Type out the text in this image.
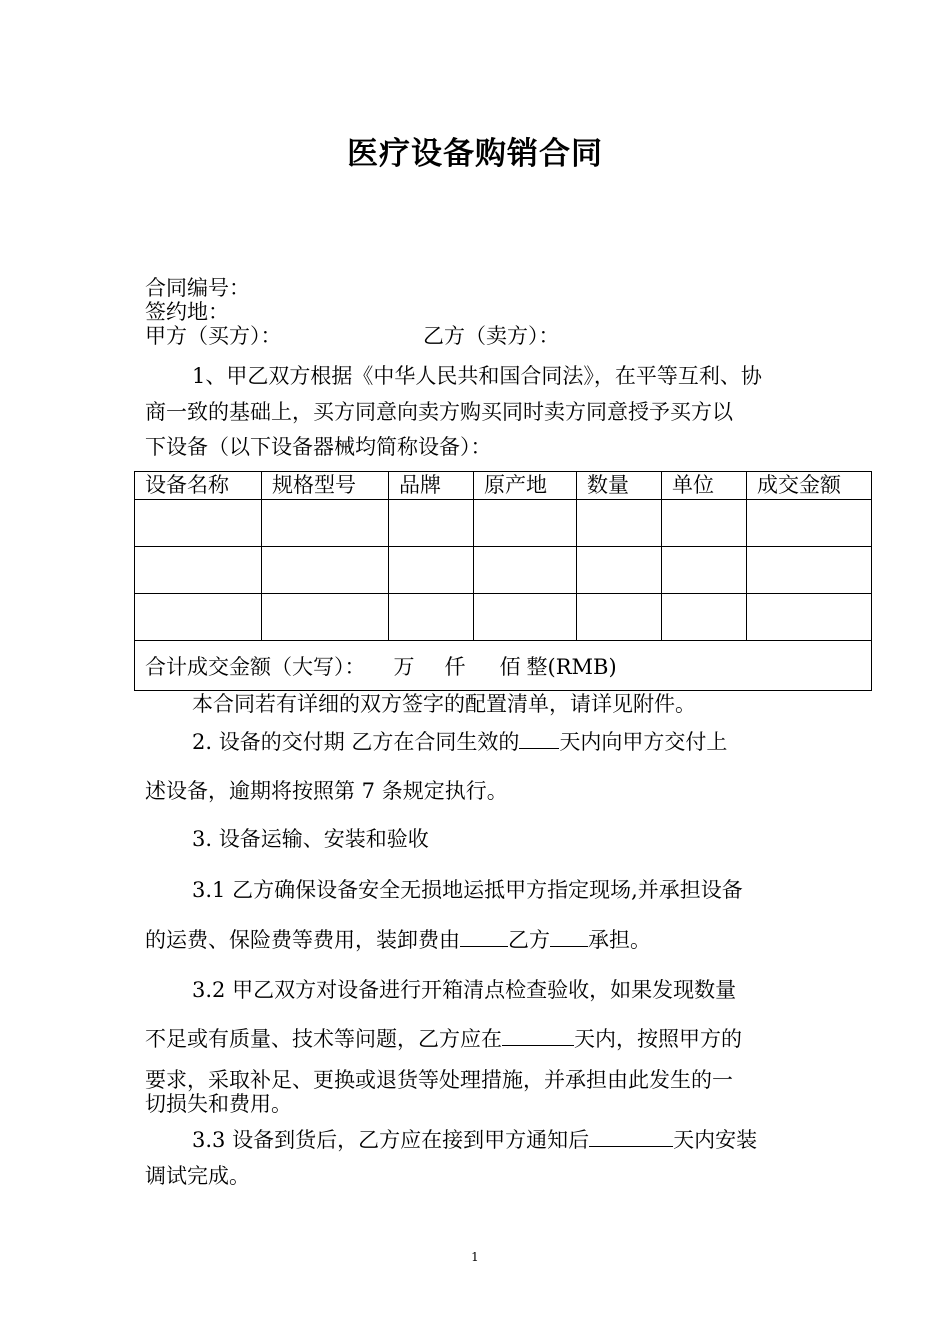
医疗设备购销合同
合同编号：
签约地：
甲方（买方）：	乙方（卖方）：
1、甲乙双方根据《中华人民共和国合同法》，在平等互利、协
商一致的基础上，买方同意向卖方购买同时卖方同意授予买方以
下设备（以下设备器械均简称设备）：
设备名称	规格型号	品牌	原产地	数量	单位	成交金额

合计成交金额（大写）： 万 仟 佰 整(RMB)						
本合同若有详细的双方签字的配置清单，请详见附件。
2. 设备的交付期 乙方在合同生效的 天内向甲方交付上
述设备，逾期将按照第 7 条规定执行。
3. 设备运输、安装和验收
3.1 乙方确保设备安全无损地运抵甲方指定现场,并承担设备
的运费、保险费等费用，装卸费由 乙方 承担。
3.2 甲乙双方对设备进行开箱清点检查验收，如果发现数量
不足或有质量、技术等问题，乙方应在	天内，按照甲方的
要求，采取补足、更换或退货等处理措施，并承担由此发生的一
切损失和费用。
3.3 设备到货后，乙方应在接到甲方通知后	天内安装
调试完成。
1
